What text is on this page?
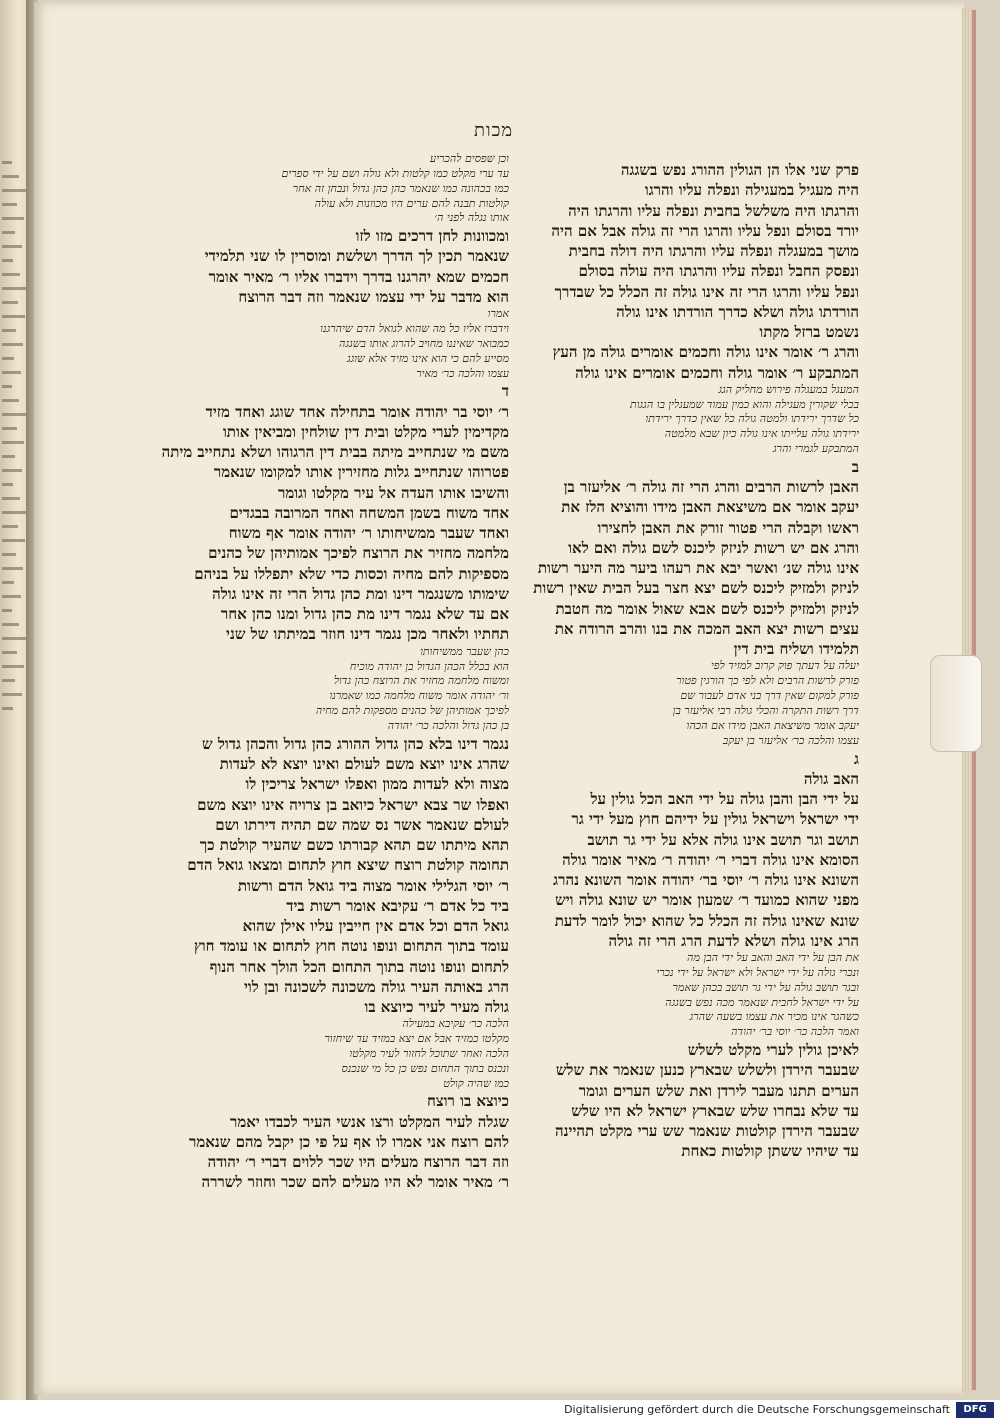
מכות
פרק שני אלו הן הגולין ההורג נפש בשגגה
היה מעגיל במעגילה ונפלה עליו והרגו
והרגתו היה משלשל בחבית ונפלה עליו והרגתו היה
יורד בסולם ונפל עליו והרגו הרי זה גולה אבל אם היה
מושך במעגלה ונפלה עליו והרגתו היה דולה בחבית
ונפסק החבל ונפלה עליו והרגתו היה עולה בסולם
ונפל עליו והרגו הרי זה אינו גולה זה הכלל כל שבדרך
הורדתו גולה ושלא כדרך הורדתו אינו גולה
נשמט ברזל מקתו
והרג ר׳ אומר אינו גולה וחכמים אומרים גולה מן העץ
המתבקע ר׳ אומר גולה וחכמים אומרים אינו גולה
המעגל במעגלה פירוש מחליק הגג
בכלי שקורין מעגילה והוא כמין עמוד שמעגלין בו הגגות
כל שדרך ירידתו ולמטה גולה כל שאין כדרך ירידתו
ירידתו גולה עלייתו אינו גולה כיון שבא מלמטה
המתבקע לגמרי והרג
ב
האבן לרשות הרבים והרג הרי זה גולה ר׳ אליעזר בן
יעקב אומר אם משיצאת האבן מידו והוציא הלז את
ראשו וקבלה הרי פטור זורק את האבן לחצירו
והרג אם יש רשות לניזק ליכנס לשם גולה ואם לאו
אינו גולה שנ׳ ואשר יבא את רעהו ביער מה היער רשות
לניזק ולמזיק ליכנס לשם יצא חצר בעל הבית שאין רשות
לניזק ולמזיק ליכנס לשם אבא שאול אומר מה חטבת
עצים רשות יצא האב המכה את בנו והרב הרודה את
תלמידו ושליח בית דין
יעלה על דעתך פוק קרוב למזיד לפי
פורק לרשות הרבים ולא לפי כך הורגין פטור
פורק למקום שאין דרך בני אדם לעבור שם
דרך רשות התקרה והכלי גולה רבי אליעזר בן
יעקב אומר משיצאת האבן מידו אם הכהו
עצמו והלכה כר׳ אליעזר בן יעקב
ג
האב גולה
על ידי הבן והבן גולה על ידי האב הכל גולין על
ידי ישראל וישראל גולין על ידיהם חוץ מעל ידי גר
תושב וגר תושב אינו גולה אלא על ידי גר תושב
הסומא אינו גולה דברי ר׳ יהודה ר׳ מאיר אומר גולה
השונא אינו גולה ר׳ יוסי בר׳ יהודה אומר השונא נהרג
מפני שהוא כמועד ר׳ שמעון אומר יש שונא גולה ויש
שונא שאינו גולה זה הכלל כל שהוא יכול לומר לדעת
הרג אינו גולה ושלא לדעת הרג הרי זה גולה
את הבן על ידי האב והאב על ידי הבן מה
ונכרי גולה על ידי ישראל ולא ישראל על ידי נכרי
ובגר תושב גולה על ידי גר תושב בכהן שאמר
על ידי ישראל לחבית שנאמר מכה נפש בשגגה
כשהגר אינו מכיר את עצמו בשעה שהרג
ואמר הלכה כר׳ יוסי בר׳ יהודה
לאיכן גולין לערי מקלט לשלש
שבעבר הירדן ולשלש שבארץ כנען שנאמר את שלש
הערים תתנו מעבר לירדן ואת שלש הערים וגומר
עד שלא נבחרו שלש שבארץ ישראל לא היו שלש
שבעבר הירדן קולטות שנאמר שש ערי מקלט תהיינה
עד שיהיו ששתן קולטות כאחת
וכן שפסים להכריע
עד ערי מקלט כמו קלטות ולא גולה ושם על ידי ספרים
כמו בכהונה כמו שנאמר כהן כהן גדול ונבחן זה אחר
קולטות תבנה להם ערים היו מכוונות ולא עולה
אותו נגלה לפני ה׳
ומכוונות לחן דרכים מזו לזו
שנאמר תכין לך הדרך ושלשת ומוסרין לו שני תלמידי
חכמים שמא יהרגנו בדרך וידברו אליו ר׳ מאיר אומר
הוא מדבר על ידי עצמו שנאמר וזה דבר הרוצח
אמרו
וידברו אליו כל מה שהוא לגואל הדם שיהרגנו
כמבואר שאיננו מחויב להרוג אותו בשגגה
מסייע להם כי הוא אינו מזיד אלא שוגג
עצמו והלכה כר׳ מאיר
ד
ר׳ יוסי בר יהודה אומר בתחילה אחד שוגג ואחד מזיד
מקדימין לערי מקלט ובית דין שולחין ומביאין אותו
משם מי שנתחייב מיתה בבית דין הרגוהו ושלא נתחייב מיתה
פטרוהו שנתחייב גלות מחזירין אותו למקומו שנאמר
והשיבו אותו העדה אל עיר מקלטו וגומר
אחד משוח בשמן המשחה ואחד המרובה בבגדים
ואחד שעבר ממשיחותו ר׳ יהודה אומר אף משוח
מלחמה מחזיר את הרוצח לפיכך אמותיהן של כהנים
מספיקות להם מחיה וכסות כדי שלא יתפללו על בניהם
שימותו משנגמר דינו ומת כהן גדול הרי זה אינו גולה
אם עד שלא נגמר דינו מת כהן גדול ומנו כהן אחר
תחתיו ולאחר מכן נגמר דינו חוזר במיתתו של שני
כהן שעבר ממשיחותו
הוא בכלל הכהן הגדול בן יהודה מוכיח
ומשוח מלחמה מחזיר את הרוצח כהן גדול
ור׳ יהודה אומר משוח מלחמה כמו שאמרנו
לפיכך אמותיהן של כהנים מספקות להם מחיה
בן כהן גדול והלכה כר׳ יהודה
נגמר דינו בלא כהן גדול ההורג כהן גדול והכהן גדול ש
שהרג אינו יוצא משם לעולם ואינו יוצא לא לעדות
מצוה ולא לעדות ממון ואפלו ישראל צריכין לו
ואפלו שר צבא ישראל כיואב בן צרויה אינו יוצא משם
לעולם שנאמר אשר נס שמה שם תהיה דירתו ושם
תהא מיתתו שם תהא קבורתו כשם שהעיר קולטת כך
תחומה קולטת רוצח שיצא חוץ לתחום ומצאו גואל הדם
ר׳ יוסי הגלילי אומר מצוה ביד גואל הדם ורשות
ביד כל אדם ר׳ עקיבא אומר רשות ביד
גואל הדם וכל אדם אין חייבין עליו אילן שהוא
עומד בתוך התחום ונופו נוטה חוץ לתחום או עומד חוץ
לתחום ונופו נוטה בתוך התחום הכל הולך אחר הנוף
הרג באותה העיר גולה משכונה לשכונה ובן לוי
גולה מעיר לעיר כיוצא בו
הלכה כר׳ עקיבא במעילה
מקלטו כמזיד אבל אם יצא במזיד עד שיחזור
הלכה ואחר שתוכל לחזור לעיר מקלטו
ונכנס בתוך התחום נפש כן כל מי שנכנס
כמו שהיה קולט
כיוצא בו רוצח
שגלה לעיר המקלט ורצו אנשי העיר לכבדו יאמר
להם רוצח אני אמרו לו אף על פי כן יקבל מהם שנאמר
וזה דבר הרוצח מעלים היו שכר ללוים דברי ר׳ יהודה
ר׳ מאיר אומר לא היו מעלים להם שכר וחוזר לשררה
Digitalisierung gefördert durch die Deutsche Forschungsgemeinschaft	DFG
